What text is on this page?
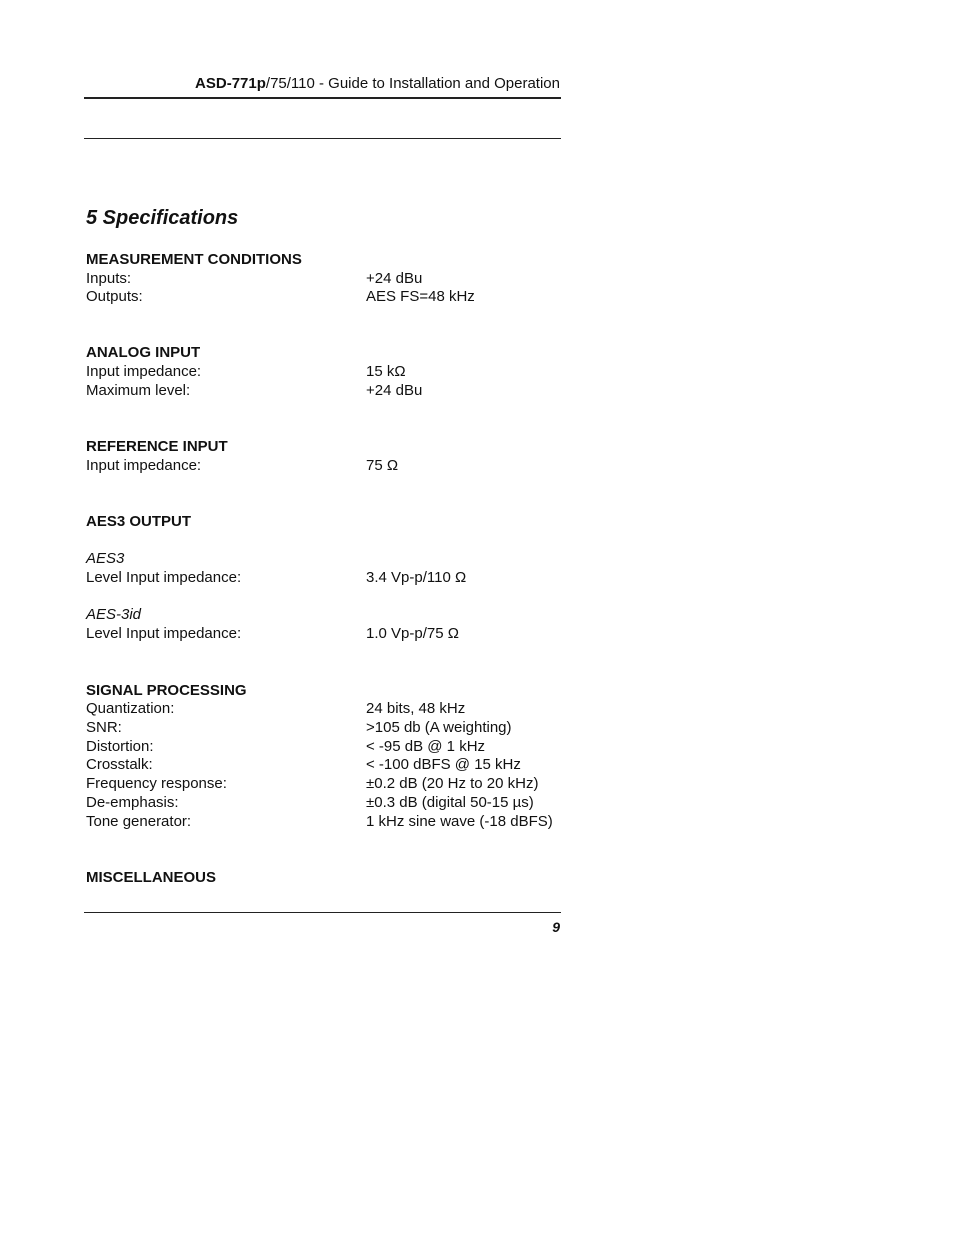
ASD-771p/75/110 - Guide to Installation and Operation
5 Specifications
MEASUREMENT CONDITIONS
Inputs:	+24 dBu
Outputs:	AES FS=48 kHz
ANALOG INPUT
Input impedance:	15 kΩ
Maximum level:	+24 dBu
REFERENCE INPUT
Input impedance:	75 Ω
AES3 OUTPUT
AES3
Level Input impedance:	3.4 Vp-p/110 Ω
AES-3id
Level Input impedance:	1.0 Vp-p/75 Ω
SIGNAL PROCESSING
Quantization:	24 bits, 48 kHz
SNR:	>105 db (A weighting)
Distortion:	< -95 dB @ 1 kHz
Crosstalk:	< -100 dBFS @ 15 kHz
Frequency response:	±0.2 dB (20 Hz to 20 kHz)
De-emphasis:	±0.3 dB (digital 50-15 µs)
Tone generator:	1 kHz sine wave (-18 dBFS)
MISCELLANEOUS
9
